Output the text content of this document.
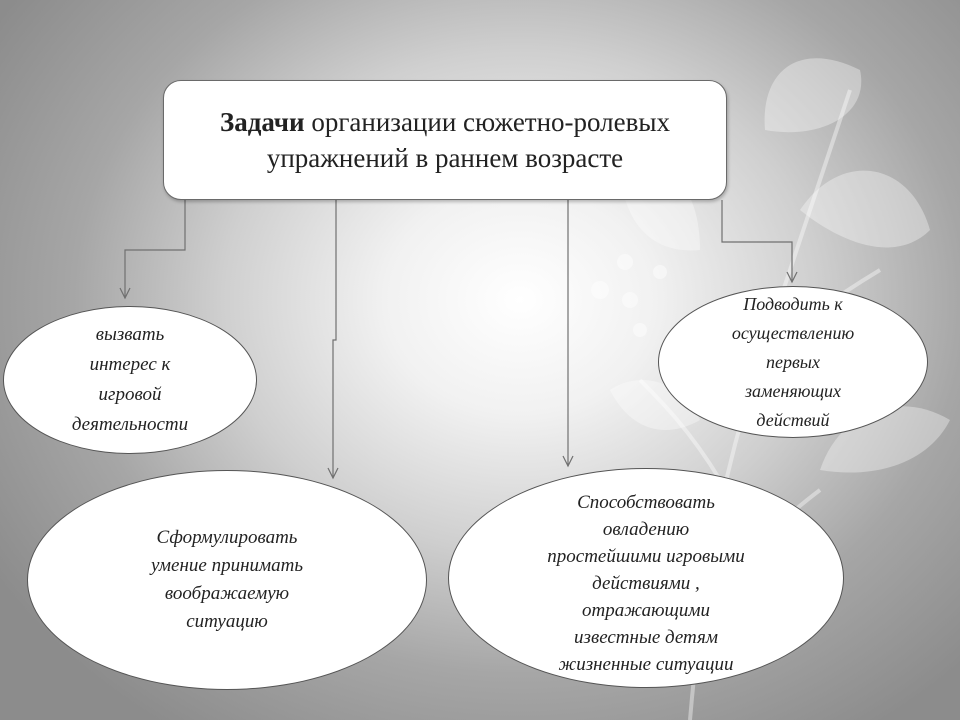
Задачи организации сюжетно-ролевых
упражнений в раннем возрасте
вызвать
интерес к
игровой
деятельности
Подводить к
осуществлению
первых
заменяющих
действий
Сформулировать
умение принимать
воображаемую
ситуацию
Способствовать
овладению
простейшими игровыми
действиями ,
отражающими
известные детям
жизненные ситуации
